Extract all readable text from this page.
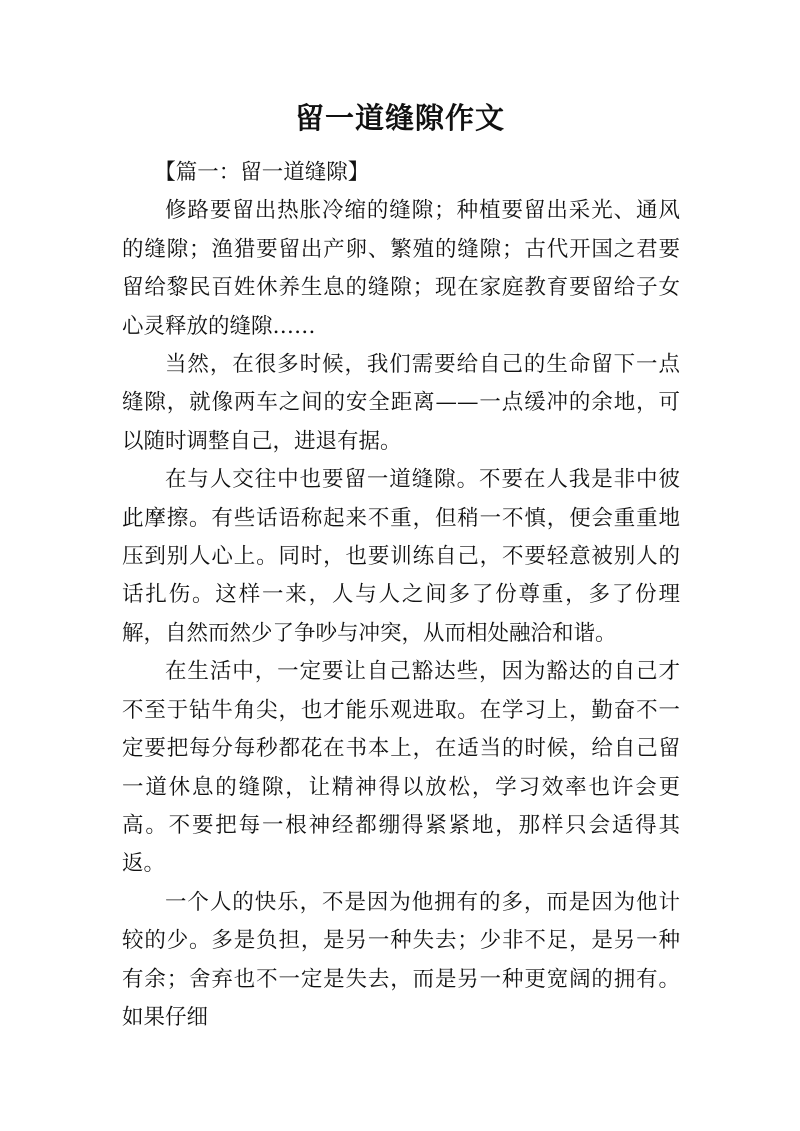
留一道缝隙作文

【篇一：留一道缝隙】

修路要留出热胀冷缩的缝隙；种植要留出采光、通风的缝隙；渔猎要留出产卵、繁殖的缝隙；古代开国之君要留给黎民百姓休养生息的缝隙；现在家庭教育要留给子女心灵释放的缝隙……

当然，在很多时候，我们需要给自己的生命留下一点缝隙，就像两车之间的安全距离——一点缓冲的余地，可以随时调整自己，进退有据。

在与人交往中也要留一道缝隙。不要在人我是非中彼此摩擦。有些话语称起来不重，但稍一不慎，便会重重地压到别人心上。同时，也要训练自己，不要轻意被别人的话扎伤。这样一来，人与人之间多了份尊重，多了份理解，自然而然少了争吵与冲突，从而相处融洽和谐。

在生活中，一定要让自己豁达些，因为豁达的自己才不至于钻牛角尖，也才能乐观进取。在学习上，勤奋不一定要把每分每秒都花在书本上，在适当的时候，给自己留一道休息的缝隙，让精神得以放松，学习效率也许会更高。不要把每一根神经都绷得紧紧地，那样只会适得其返。

一个人的快乐，不是因为他拥有的多，而是因为他计较的少。多是负担，是另一种失去；少非不足，是另一种有余；舍弃也不一定是失去，而是另一种更宽阔的拥有。如果仔细
